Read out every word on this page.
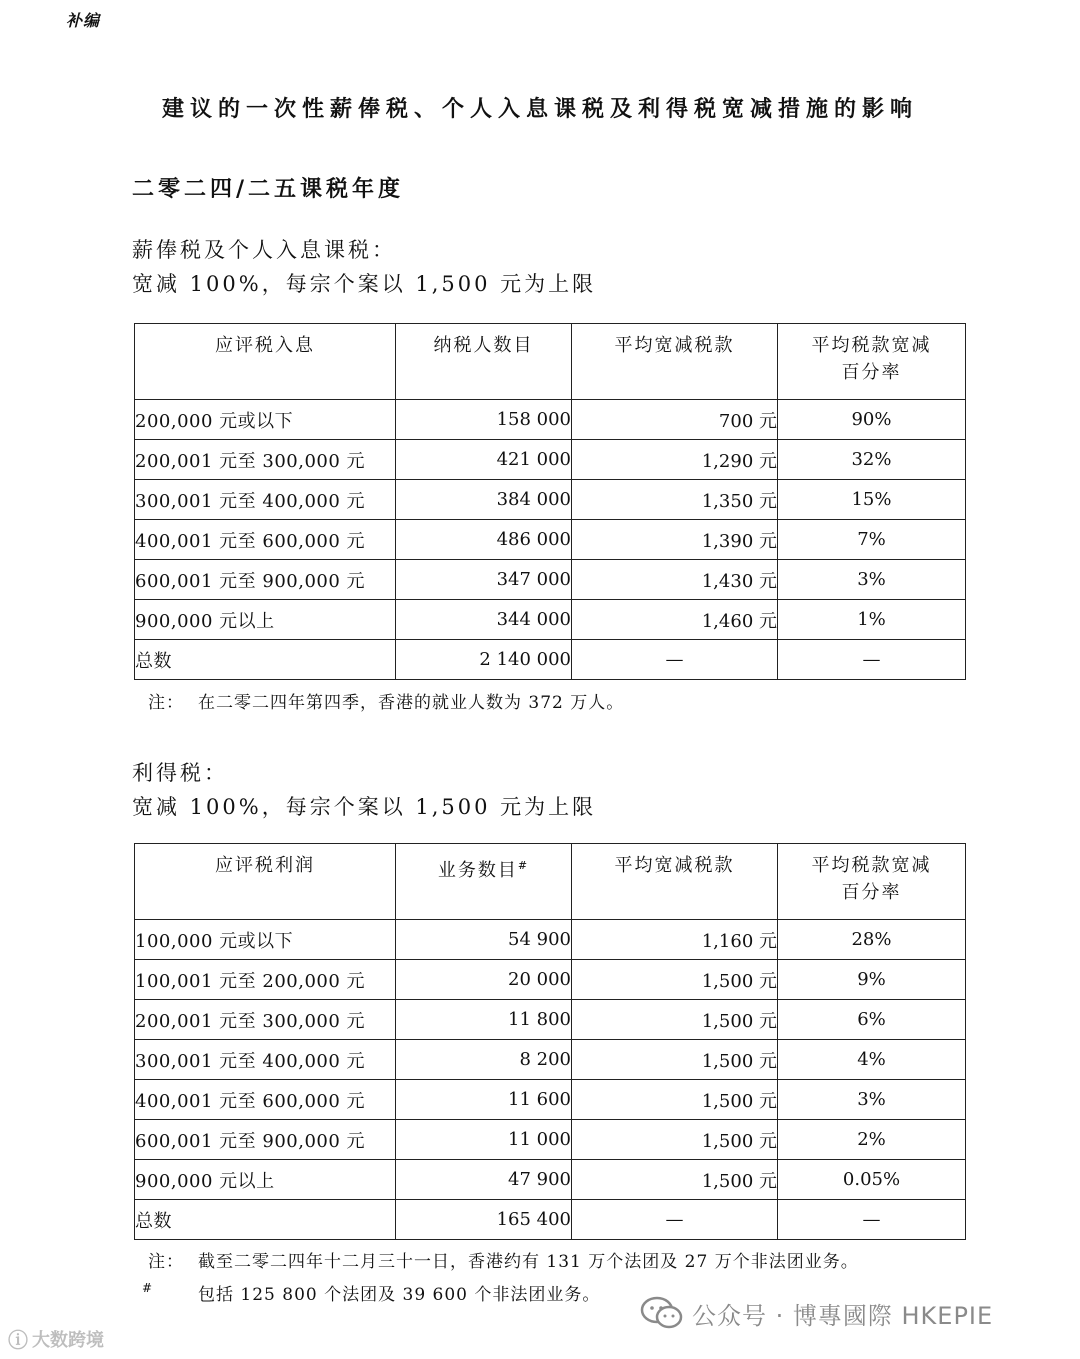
补编
建议的一次性薪俸税、个人入息课税及利得税宽减措施的影响
二零二四/二五课税年度
薪俸税及个人入息课税：
宽减 100%，每宗个案以 1,500 元为上限
应评税入息	纳税人数目	平均宽减税款	平均税款宽减
百分率
200,000 元或以下	158 000	700 元	90%
200,001 元至 300,000 元	421 000	1,290 元	32%
300,001 元至 400,000 元	384 000	1,350 元	15%
400,001 元至 600,000 元	486 000	1,390 元	7%
600,001 元至 900,000 元	347 000	1,430 元	3%
900,000 元以上	344 000	1,460 元	1%
总数	2 140 000	—	—
注： 在二零二四年第四季，香港的就业人数为 372 万人。
利得税：
宽减 100%，每宗个案以 1,500 元为上限
应评税利润	业务数目#	平均宽减税款	平均税款宽减
百分率
100,000 元或以下	54 900	1,160 元	28%
100,001 元至 200,000 元	20 000	1,500 元	9%
200,001 元至 300,000 元	11 800	1,500 元	6%
300,001 元至 400,000 元	8 200	1,500 元	4%
400,001 元至 600,000 元	11 600	1,500 元	3%
600,001 元至 900,000 元	11 000	1,500 元	2%
900,000 元以上	47 900	1,500 元	0.05%
总数	165 400	—	—
注： 截至二零二四年十二月三十一日，香港约有 131 万个法团及 27 万个非法团业务。
#	包括 125 800 个法团及 39 600 个非法团业务。
公众号 · 博專國際 HKEPIE
ⓘ 大数跨境
